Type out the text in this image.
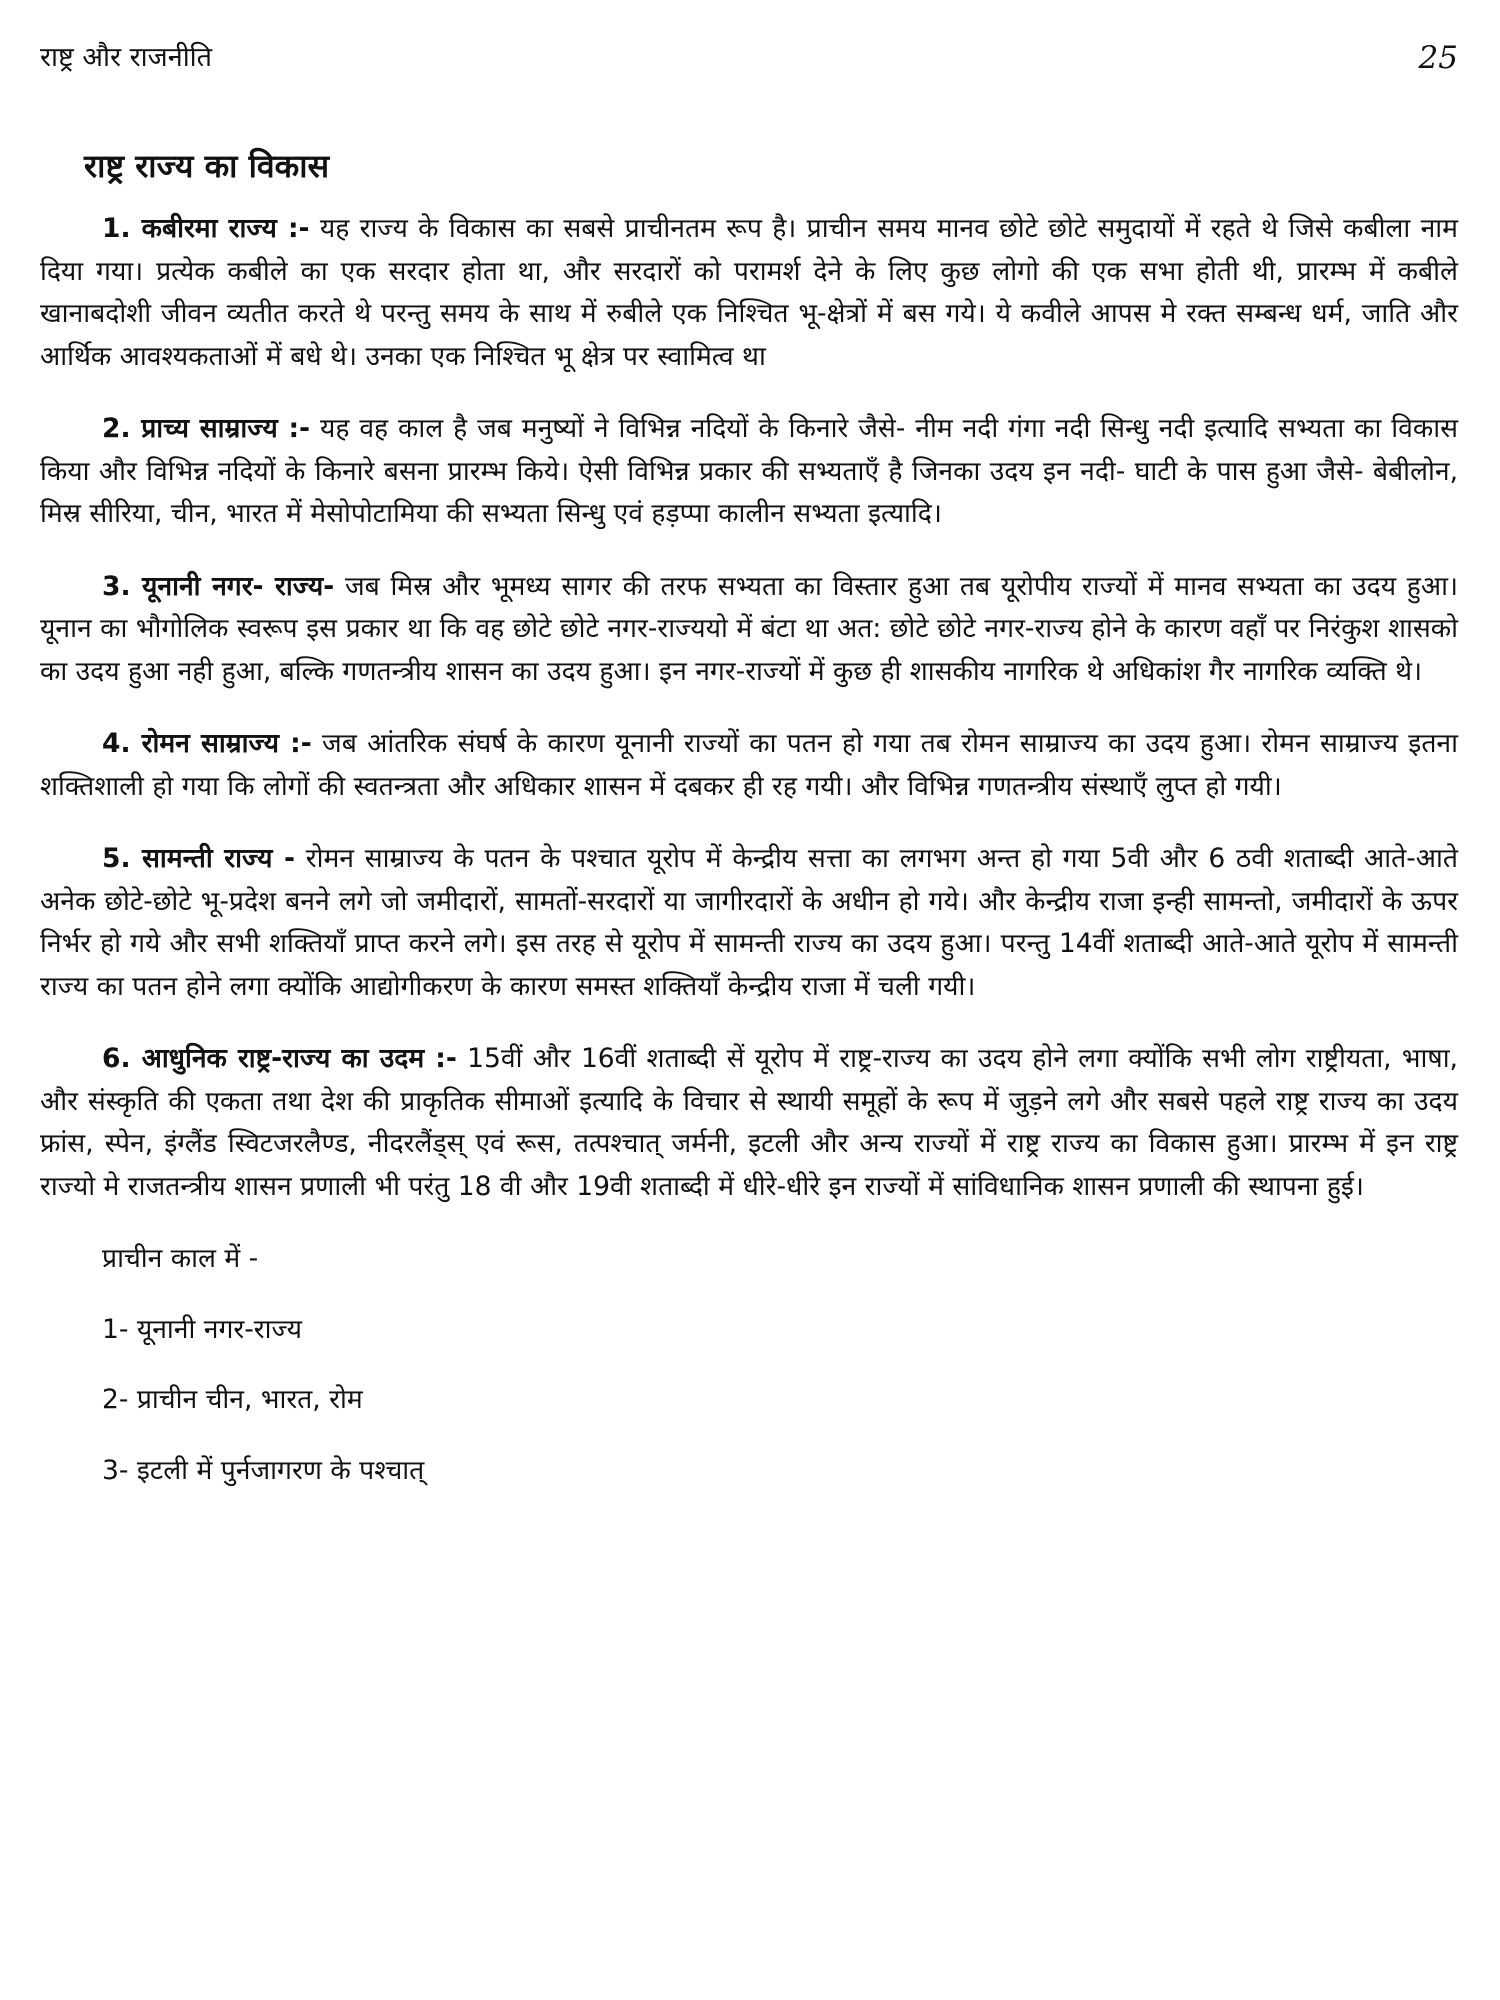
राष्ट्र और राजनीति	25
राष्ट्र राज्य का विकास

1. कबीरमा राज्य :- यह राज्य के विकास का सबसे प्राचीनतम रूप है। प्राचीन समय मानव छोटे छोटे समुदायों में रहते थे जिसे कबीला नाम दिया गया। प्रत्येक कबीले का एक सरदार होता था, और सरदारों को परामर्श देने के लिए कुछ लोगो की एक सभा होती थी, प्रारम्भ में कबीले खानाबदोशी जीवन व्यतीत करते थे परन्तु समय के साथ में रुबीले एक निश्चित भू-क्षेत्रों में बस गये। ये कवीले आपस मे रक्त सम्बन्ध धर्म, जाति और आर्थिक आवश्यकताओं में बधे थे। उनका एक निश्चित भू क्षेत्र पर स्वामित्व था

2. प्राच्य साम्राज्य :- यह वह काल है जब मनुष्यों ने विभिन्न नदियों के किनारे जैसे- नीम नदी गंगा नदी सिन्धु नदी इत्यादि सभ्यता का विकास किया और विभिन्न नदियों के किनारे बसना प्रारम्भ किये। ऐसी विभिन्न प्रकार की सभ्यताएँ है जिनका उदय इन नदी- घाटी के पास हुआ जैसे- बेबीलोन, मिस्र सीरिया, चीन, भारत में मेसोपोटामिया की सभ्यता सिन्धु एवं हड़प्पा कालीन सभ्यता इत्यादि।

3. यूनानी नगर- राज्य- जब मिस्र और भूमध्य सागर की तरफ सभ्यता का विस्तार हुआ तब यूरोपीय राज्यों में मानव सभ्यता का उदय हुआ। यूनान का भौगोलिक स्वरूप इस प्रकार था कि वह छोटे छोटे नगर-राज्ययो में बंटा था अत: छोटे छोटे नगर-राज्य होने के कारण वहाँ पर निरंकुश शासको का उदय हुआ नही हुआ, बल्कि गणतन्त्रीय शासन का उदय हुआ। इन नगर-राज्यों में कुछ ही शासकीय नागरिक थे अधिकांश गैर नागरिक व्यक्ति थे।

4. रोमन साम्राज्य :- जब आंतरिक संघर्ष के कारण यूनानी राज्यों का पतन हो गया तब रोमन साम्राज्य का उदय हुआ। रोमन साम्राज्य इतना शक्तिशाली हो गया कि लोगों की स्वतन्त्रता और अधिकार शासन में दबकर ही रह गयी। और विभिन्न गणतन्त्रीय संस्थाएँ लुप्त हो गयी।

5. सामन्ती राज्य - रोमन साम्राज्य के पतन के पश्चात यूरोप में केन्द्रीय सत्ता का लगभग अन्त हो गया 5वी और 6 ठवी शताब्दी आते-आते अनेक छोटे-छोटे भू-प्रदेश बनने लगे जो जमीदारों, सामतों-सरदारों या जागीरदारों के अधीन हो गये। और केन्द्रीय राजा इन्ही सामन्तो, जमीदारों के ऊपर निर्भर हो गये और सभी शक्तियाँ प्राप्त करने लगे। इस तरह से यूरोप में सामन्ती राज्य का उदय हुआ। परन्तु 14वीं शताब्दी आते-आते यूरोप में सामन्ती राज्य का पतन होने लगा क्योंकि आद्योगीकरण के कारण समस्त शक्तियाँ केन्द्रीय राजा में चली गयी।

6. आधुनिक राष्ट्र-राज्य का उदम :- 15वीं और 16वीं शताब्दी सें यूरोप में राष्ट्र-राज्य का उदय होने लगा क्योंकि सभी लोग राष्ट्रीयता, भाषा, और संस्कृति की एकता तथा देश की प्राकृतिक सीमाओं इत्यादि के विचार से स्थायी समूहों के रूप में जुड़ने लगे और सबसे पहले राष्ट्र राज्य का उदय फ्रांस, स्पेन, इंग्लैंड स्विटजरलैण्ड, नीदरलैंड्स् एवं रूस, तत्पश्चात् जर्मनी, इटली और अन्य राज्यों में राष्ट्र राज्य का विकास हुआ। प्रारम्भ में इन राष्ट्र राज्यो मे राजतन्त्रीय शासन प्रणाली भी परंतु 18 वी और 19वी शताब्दी में धीरे-धीरे इन राज्यों में सांविधानिक शासन प्रणाली की स्थापना हुई।

प्राचीन काल में -
1- यूनानी नगर-राज्य
2- प्राचीन चीन, भारत, रोम
3- इटली में पुर्नजागरण के पश्चात्
